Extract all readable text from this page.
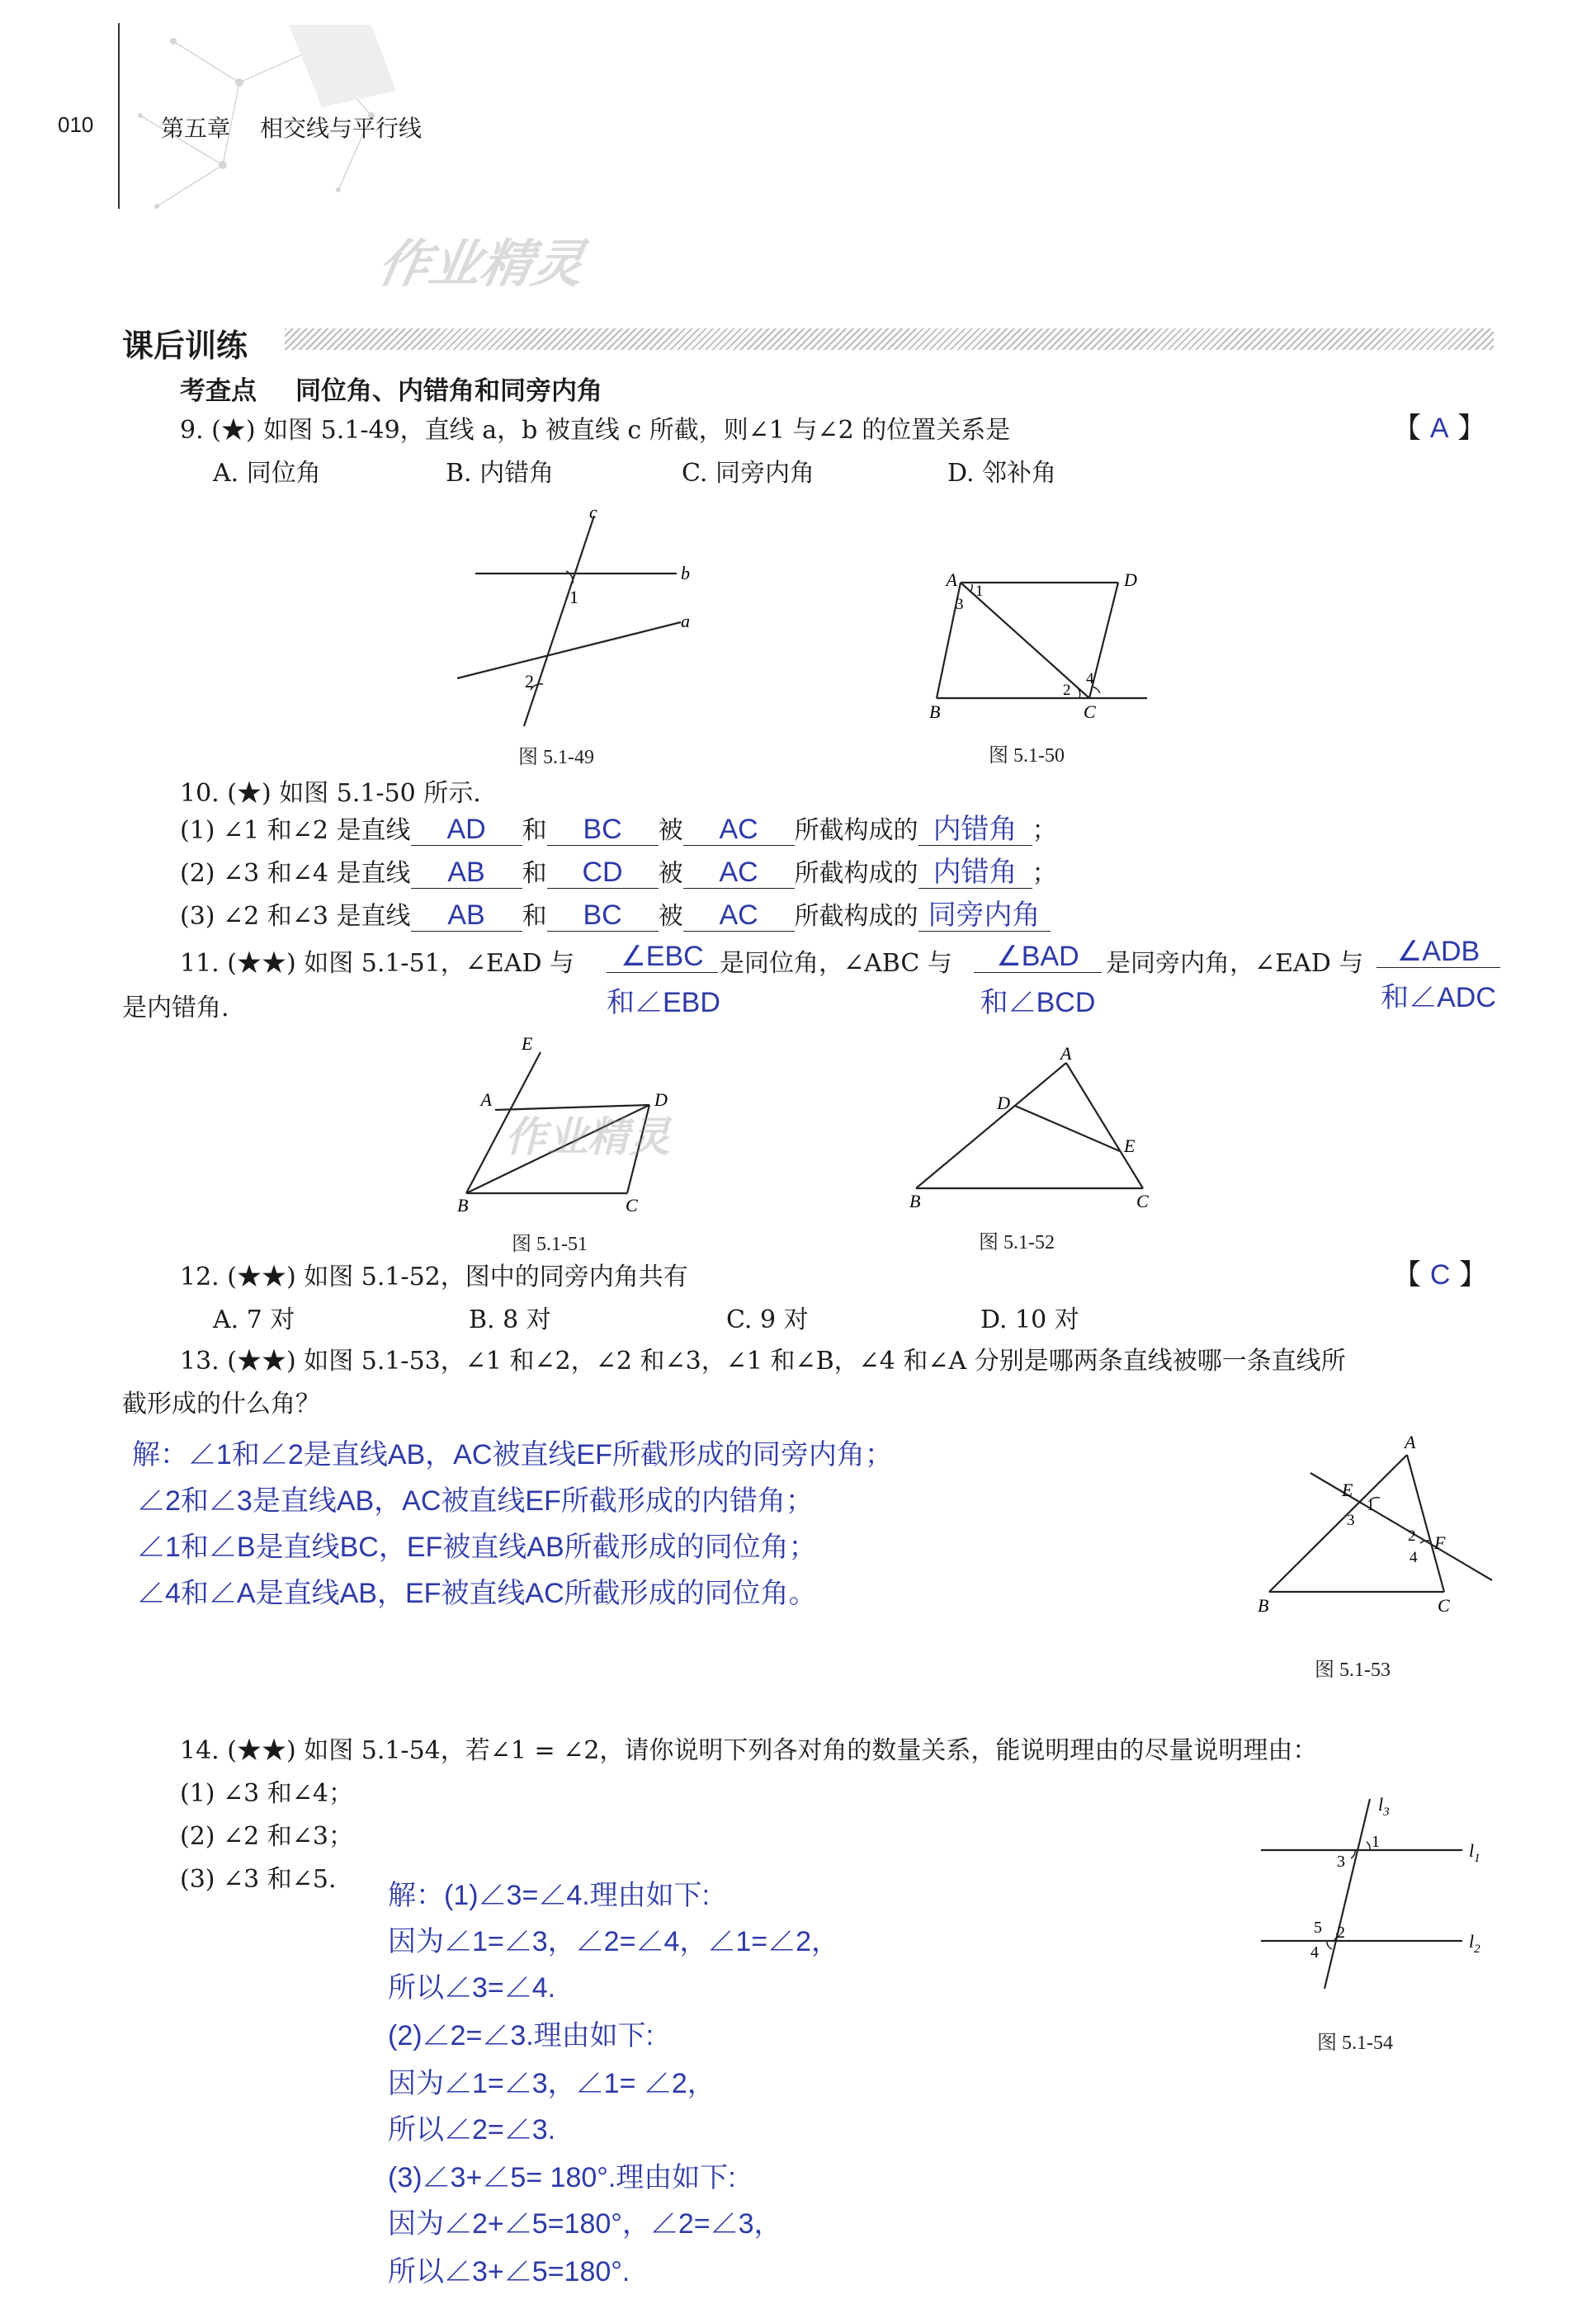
010	第五章 相交线与平行线
作业精灵
课后训练
考查点 同位角、内错角和同旁内角
9. (★) 如图 5.1-49，直线 a，b 被直线 c 所截，则∠1 与∠2 的位置关系是	【 A 】
A. 同位角	B. 内错角	C. 同旁内角	D. 邻补角
c
b
a
1
2
图 5.1-49
A	D
B	C
1
3
2
4
图 5.1-50
10. (★) 如图 5.1-50 所示.
(1) ∠1 和∠2 是直线 AD 和 BC 被 AC 所截构成的 内错角 ；
(2) ∠3 和∠4 是直线 AB 和 CD 被 AC 所截构成的 内错角 ；
(3) ∠2 和∠3 是直线 AB 和 BC 被 AC 所截构成的 同旁内角
11. (★★) 如图 5.1-51，∠EAD 与	∠EBC
和∠EBD
是同位角，∠ABC 与	∠BAD
和∠BCD
是同旁内角，∠EAD 与	∠ADB
和∠ADC
是内错角.
E
A	D
B	C
作业精灵
图 5.1-51
A
D
E
B	C
图 5.1-52
12. (★★) 如图 5.1-52，图中的同旁内角共有	【 C 】
A. 7 对	B. 8 对	C. 9 对	D. 10 对
13. (★★) 如图 5.1-53，∠1 和∠2，∠2 和∠3，∠1 和∠B，∠4 和∠A 分别是哪两条直线被哪一条直线所
截形成的什么角？
解：∠1和∠2是直线AB，AC被直线EF所截形成的同旁内角；
∠2和∠3是直线AB，AC被直线EF所截形成的内错角；
∠1和∠B是直线BC，EF被直线AB所截形成的同位角；
∠4和∠A是直线AB，EF被直线AC所截形成的同位角。
A
E
F
B	C
1
3
2
4
图 5.1-53
14. (★★) 如图 5.1-54，若∠1 = ∠2，请你说明下列各对角的数量关系，能说明理由的尽量说明理由：
(1) ∠3 和∠4；
(2) ∠2 和∠3；
(3) ∠3 和∠5.
解：(1)∠3=∠4.理由如下:
因为∠1=∠3，∠2=∠4，∠1=∠2，
所以∠3=∠4.
(2)∠2=∠3.理由如下:
因为∠1=∠3，∠1= ∠2，
所以∠2=∠3.
(3)∠3+∠5= 180°.理由如下:
因为∠2+∠5=180°，∠2=∠3，
所以∠3+∠5=180°.
$l_3$
$l_1$
$l_2$
1
3
2
5
4
图 5.1-54
